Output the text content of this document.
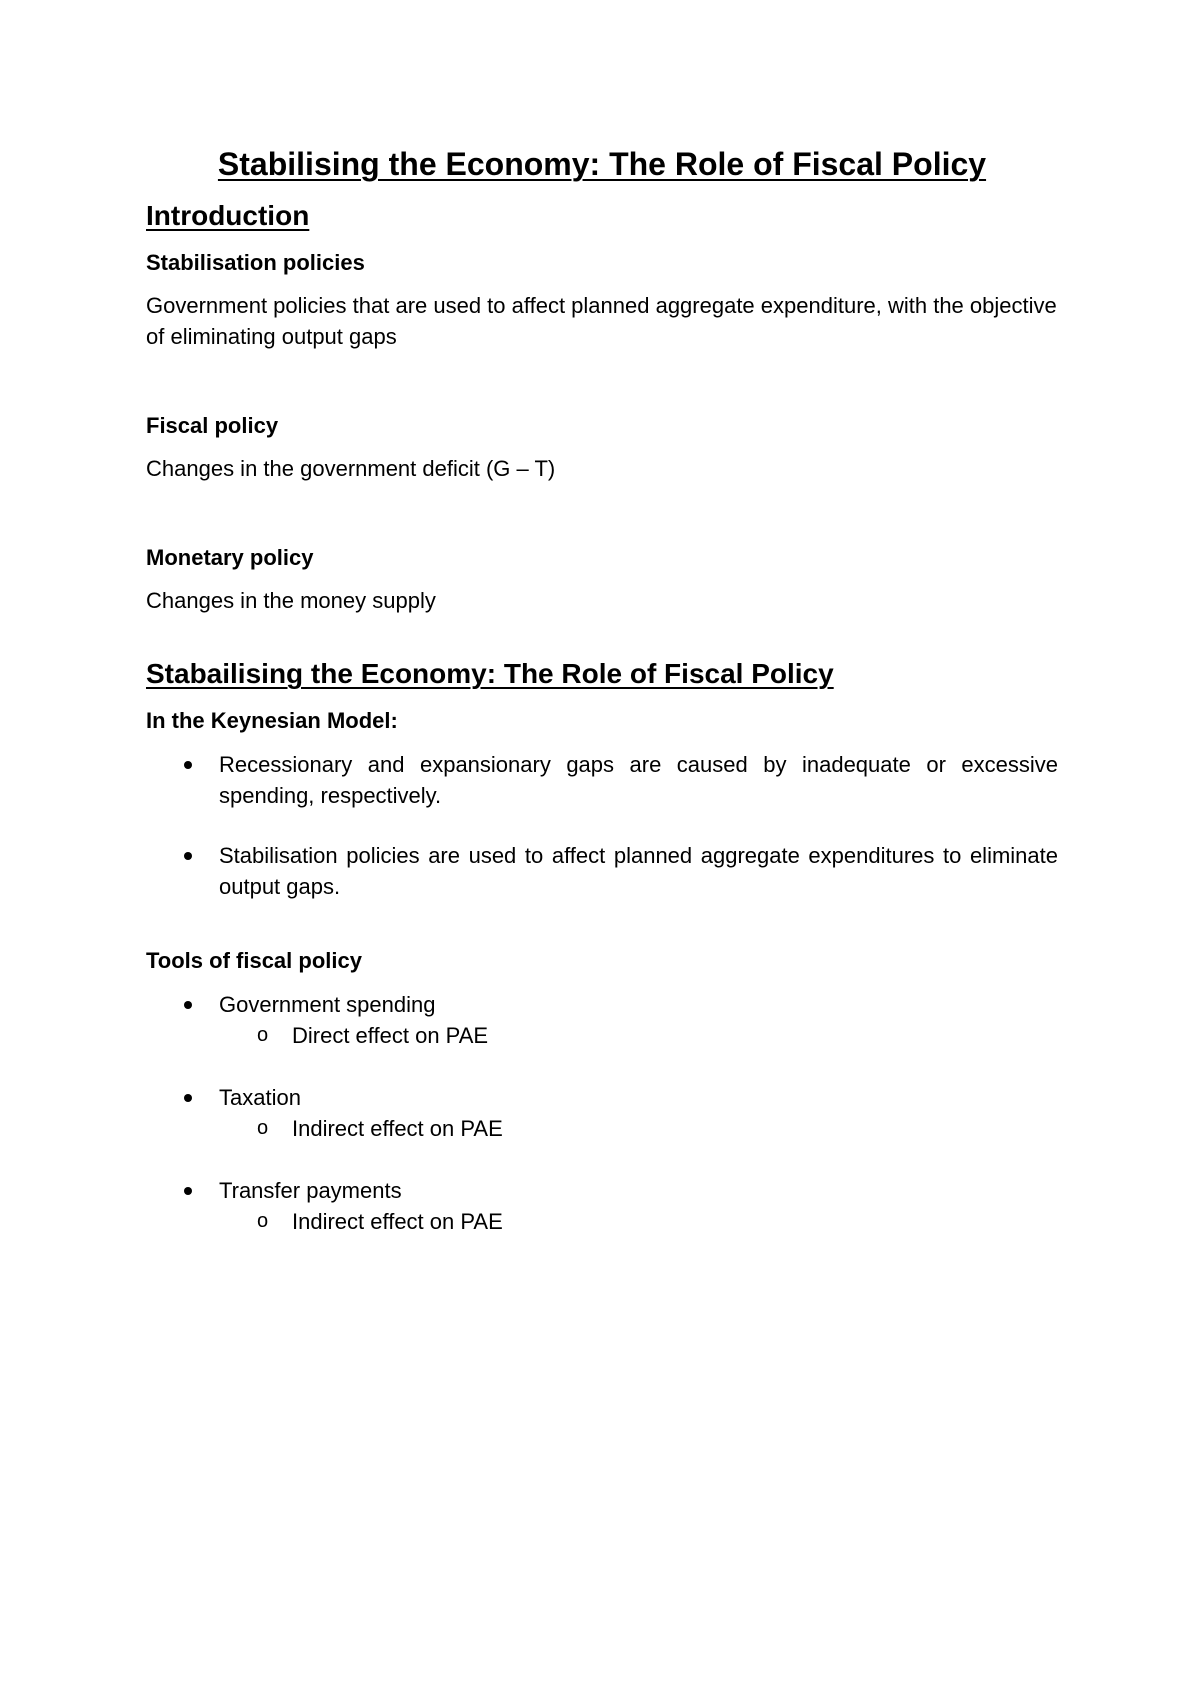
Stabilising the Economy: The Role of Fiscal Policy
Introduction
Stabilisation policies

Government policies that are used to affect planned aggregate expenditure, with the objective of eliminating output gaps

Fiscal policy

Changes in the government deficit (G – T)

Monetary policy

Changes in the money supply

Stabailising the Economy: The Role of Fiscal Policy
In the Keynesian Model:
Recessionary and expansionary gaps are caused by inadequate or excessive spending, respectively.
Stabilisation policies are used to affect planned aggregate expenditures to eliminate output gaps.
Tools of fiscal policy
Government spending
o Direct effect on PAE
Taxation
o Indirect effect on PAE
Transfer payments
o Indirect effect on PAE
